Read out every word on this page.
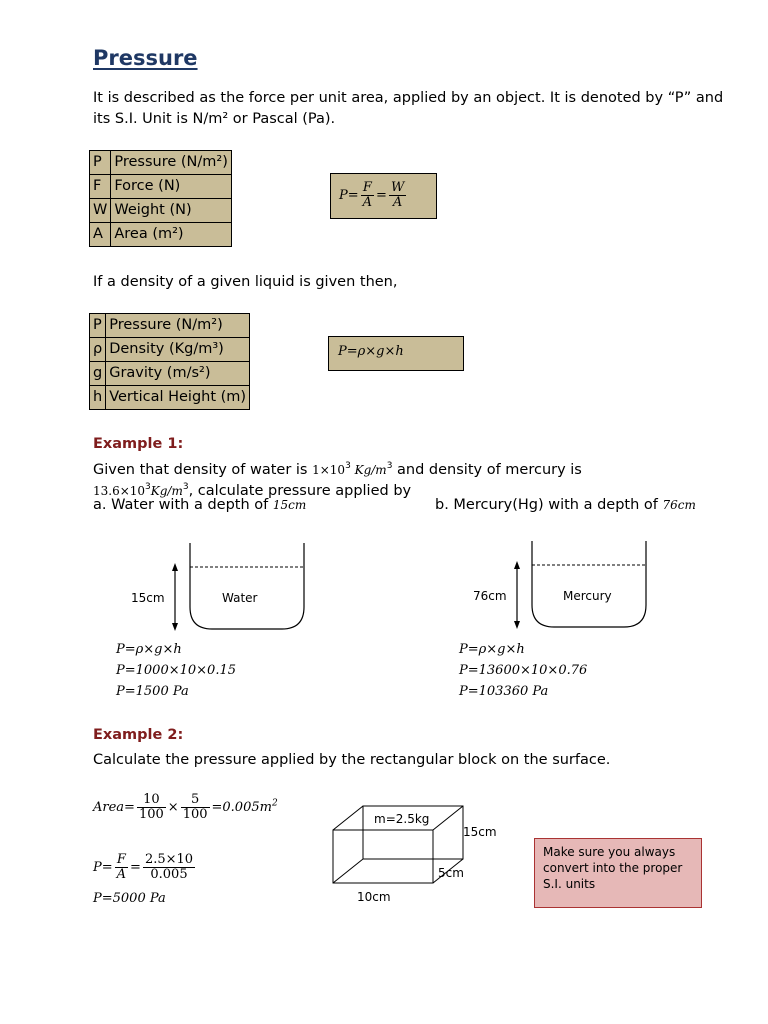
Pressure
It is described as the force per unit area, applied by an object. It is denoted by “P” and its S.I. Unit is N/m² or Pascal (Pa).
P	Pressure (N/m²)
F	Force (N)
W	Weight (N)
A	Area (m²)
$P= \frac{F}{A} = \frac{W}{A}$
If a density of a given liquid is given then,
P	Pressure (N/m²)
ρ	Density (Kg/m³)
g	Gravity (m/s²)
h	Vertical Height (m)
P=ρ×g×h
Example 1:
Given that density of water is $1\times 10^3$ $Kg/m^3$ and density of mercury is
$13.6\times 10^3Kg/m^3$, calculate pressure applied by
a. Water with a depth of 15cm	b. Mercury(Hg) with a depth of 76cm
15cm	Water	76cm	Mercury
P=ρ×g×h
P=1000×10×0.15
P=1500 Pa
P=ρ×g×h
P=13600×10×0.76
P=103360 Pa
Example 2:
Calculate the pressure applied by the rectangular block on the surface.
Area= $\frac{10}{100} \times \frac{5}{100} =0.005m^2$
$P= \frac{F}{A} = \frac{2.5\times 10}{0.005}$
P=5000 Pa
m=2.5kg
15cm
5cm
10cm
Make sure you always convert into the proper S.I. units
